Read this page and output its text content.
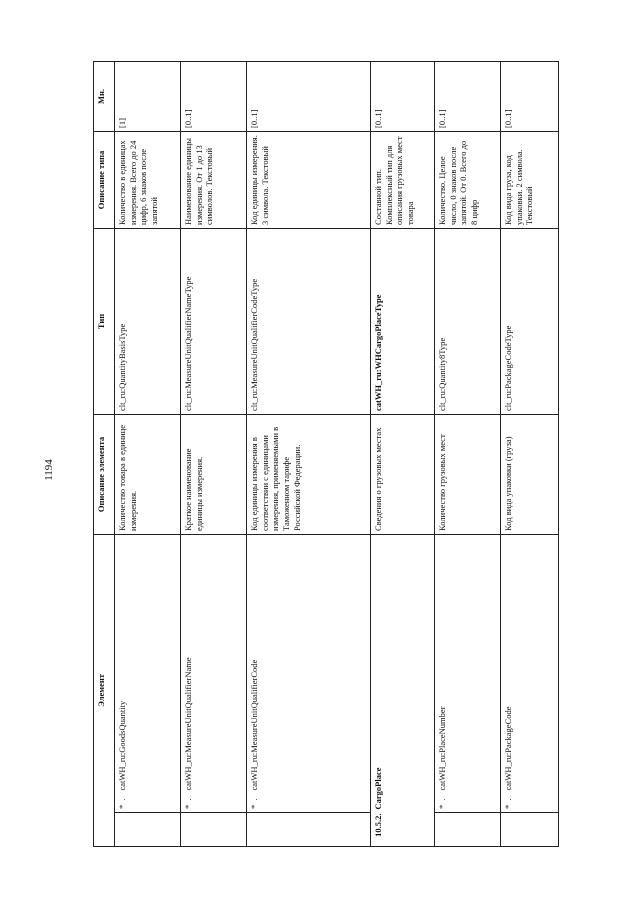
1194
Элемент				Описание элемента	Тип	Описание типа	Мн.
	*	.	catWH_ru:GoodsQuantity	Количество товара в единице измерения.	clt_ru:QuantityBasisType	Количество в единицах измерения. Всего до 24 цифр, 6 знаков после запятой	[1]
	*	.	catWH_ru:MeasureUnitQualifierName	Краткое наименование единицы измерения.	clt_ru:MeasureUnitQualifierNameType	Наименование единицы измерения. От 1 до 13 символов. Текстовый	[0..1]
	*	.	catWH_ru:MeasureUnitQualifierCode	Код единицы измерения в соответствии с единицами измерения, применяемыми в Таможенном тарифе Российской Федерации.	clt_ru:MeasureUnitQualifierCodeType	Код единицы измерения. 3 символа. Текстовый	[0..1]
10.5.2.	CargoPlace			Сведения о грузовых местах	catWH_ru:WHCargoPlaceType	Составной тип. Комплексный тип для описания грузовых мест товара	[0..1]
	*	.	catWH_ru:PlaceNumber	Количество грузовых мест	clt_ru:Quantity8Type	Количество. Целое число, 0 знаков после запятой. От 0. Всего до 8 цифр	[0..1]
	*	.	catWH_ru:PackageCode	Код вида упаковки (груза)	clt_ru:PackageCodeType	Код вида груза, код упаковки. 2 символа. Текстовый	[0..1]
